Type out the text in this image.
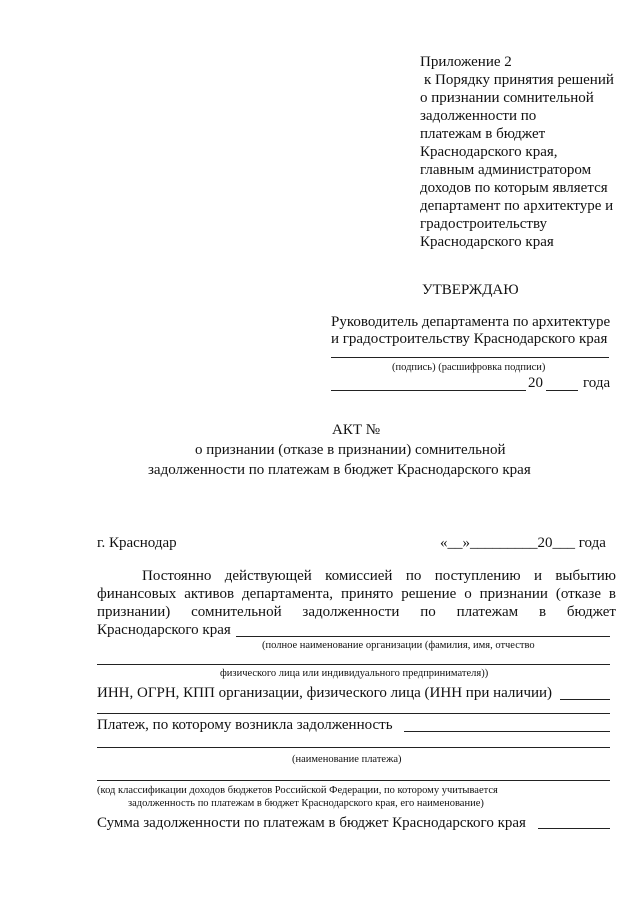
Приложение 2
к Порядку принятия решений
о признании сомнительной
задолженности по
платежам в бюджет
Краснодарского края,
главным администратором
доходов по которым является
департамент по архитектуре и
градостроительству
Краснодарского края
УТВЕРЖДАЮ
Руководитель департамента по архитектуре
и градостроительству Краснодарского края
(подпись) (расшифровка подписи)
20	года
АКТ №
о признании (отказе в признании) сомнительной
задолженности по платежам в бюджет Краснодарского края
г. Краснодар	«__»_________20___ года
Постоянно действующей комиссией по поступлению и выбытию
финансовых активов департамента, принято решение о признании (отказе в
признании) сомнительной задолженности по платежам в бюджет
Краснодарского края
(полное наименование организации (фамилия, имя, отчество
физического лица или индивидуального предпринимателя))
ИНН, ОГРН, КПП организации, физического лица (ИНН при наличии)
Платеж, по которому возникла задолженность
(наименование платежа)
(код классификации доходов бюджетов Российской Федерации, по которому учитывается
задолженность по платежам в бюджет Краснодарского края, его наименование)
Сумма задолженности по платежам в бюджет Краснодарского края
